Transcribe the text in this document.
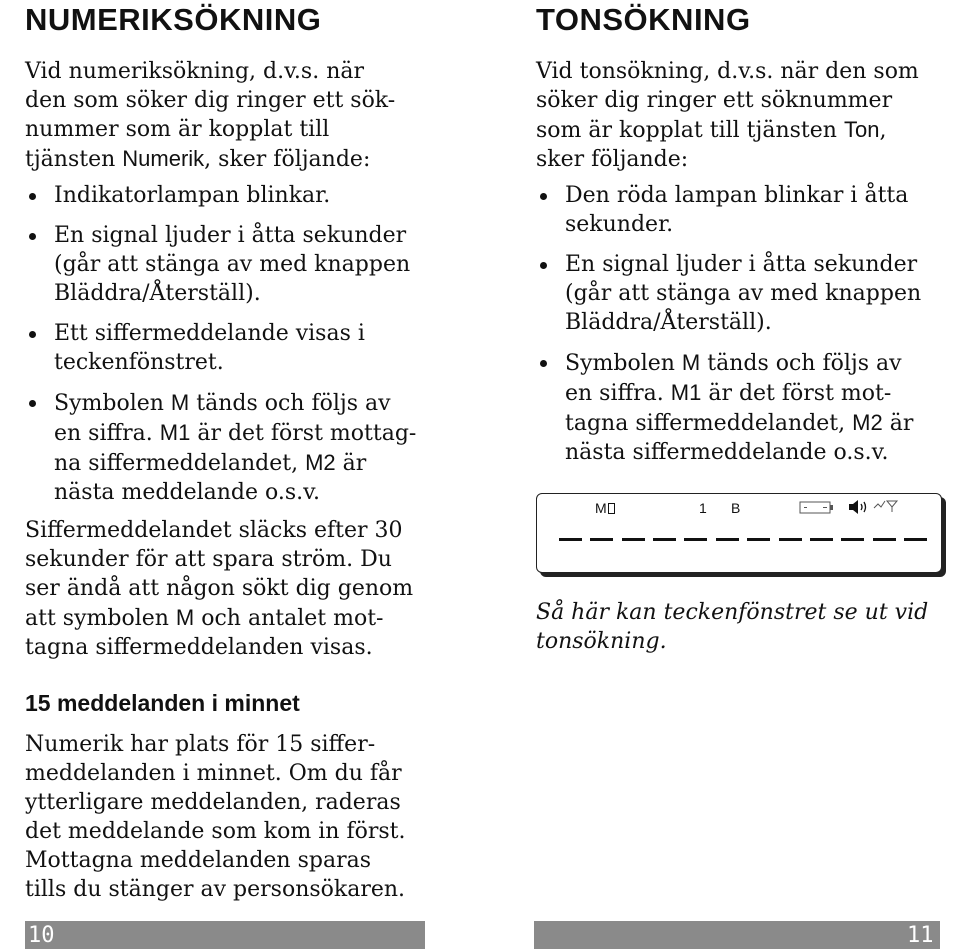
NUMERIKSÖKNING

Vid numeriksökning, d.v.s. när
den som söker dig ringer ett sök-
nummer som är kopplat till
tjänsten Numerik, sker följande:

Indikatorlampan blinkar.
En signal ljuder i åtta sekunder
(går att stänga av med knappen
Bläddra/Återställ).
Ett siffermeddelande visas i
teckenfönstret.
Symbolen M tänds och följs av
en siffra. M1 är det först mottag-
na siffermeddelandet, M2 är
nästa meddelande o.s.v.

Siffermeddelandet släcks efter 30
sekunder för att spara ström. Du
ser ändå att någon sökt dig genom
att symbolen M och antalet mot-
tagna siffermeddelanden visas.

15 meddelanden i minnet

Numerik har plats för 15 siffer-
meddelanden i minnet. Om du får
ytterligare meddelanden, raderas
det meddelande som kom in först.
Mottagna meddelanden sparas
tills du stänger av personsökaren.

TONSÖKNING

Vid tonsökning, d.v.s. när den som
söker dig ringer ett söknummer
som är kopplat till tjänsten Ton,
sker följande:

Den röda lampan blinkar i åtta
sekunder.
En signal ljuder i åtta sekunder
(går att stänga av med knappen
Bläddra/Återställ).
Symbolen M tänds och följs av
en siffra. M1 är det först mot-
tagna siffermeddelandet, M2 är
nästa siffermeddelande o.s.v.

Så här kan teckenfönstret se ut vid
tonsökning.

M	1 B
10	11
